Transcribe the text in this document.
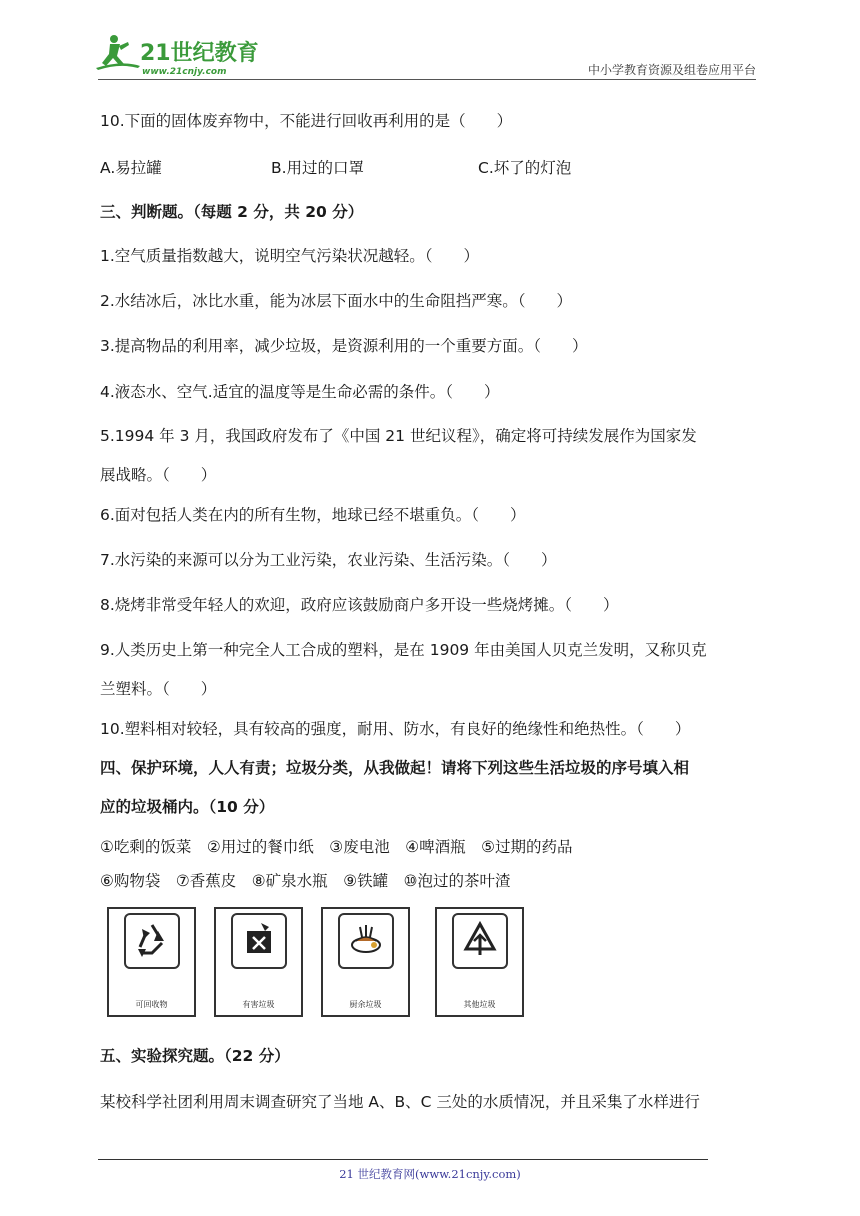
21世纪教育
www.21cnjy.com	中小学教育资源及组卷应用平台
10.下面的固体废弃物中，不能进行回收再利用的是（　　）
A.易拉罐	B.用过的口罩	C.坏了的灯泡
三、判断题。（每题 2 分，共 20 分）
1.空气质量指数越大，说明空气污染状况越轻。（　　）
2.水结冰后，冰比水重，能为冰层下面水中的生命阻挡严寒。（　　）
3.提高物品的利用率，减少垃圾，是资源利用的一个重要方面。（　　）
4.液态水、空气.适宜的温度等是生命必需的条件。（　　）
5.1994 年 3 月，我国政府发布了《中国 21 世纪议程》，确定将可持续发展作为国家发
展战略。（　　）
6.面对包括人类在内的所有生物，地球已经不堪重负。（　　）
7.水污染的来源可以分为工业污染，农业污染、生活污染。（　　）
8.烧烤非常受年轻人的欢迎，政府应该鼓励商户多开设一些烧烤摊。（　　）
9.人类历史上第一种完全人工合成的塑料，是在 1909 年由美国人贝克兰发明，又称贝克
兰塑料。（　　）
10.塑料相对较轻，具有较高的强度，耐用、防水，有良好的绝缘性和绝热性。（　　）
四、保护环境，人人有责；垃圾分类，从我做起！请将下列这些生活垃圾的序号填入相
应的垃圾桶内。（10 分）
①吃剩的饭菜　②用过的餐巾纸　③废电池　④啤酒瓶　⑤过期的药品
⑥购物袋　⑦香蕉皮　⑧矿泉水瓶　⑨铁罐　⑩泡过的茶叶渣
五、实验探究题。（22 分）
某校科学社团利用周末调查研究了当地 A、B、C 三处的水质情况，并且采集了水样进行
可回收物	有害垃圾	厨余垃圾	其他垃圾
21 世纪教育网(www.21cnjy.com)
